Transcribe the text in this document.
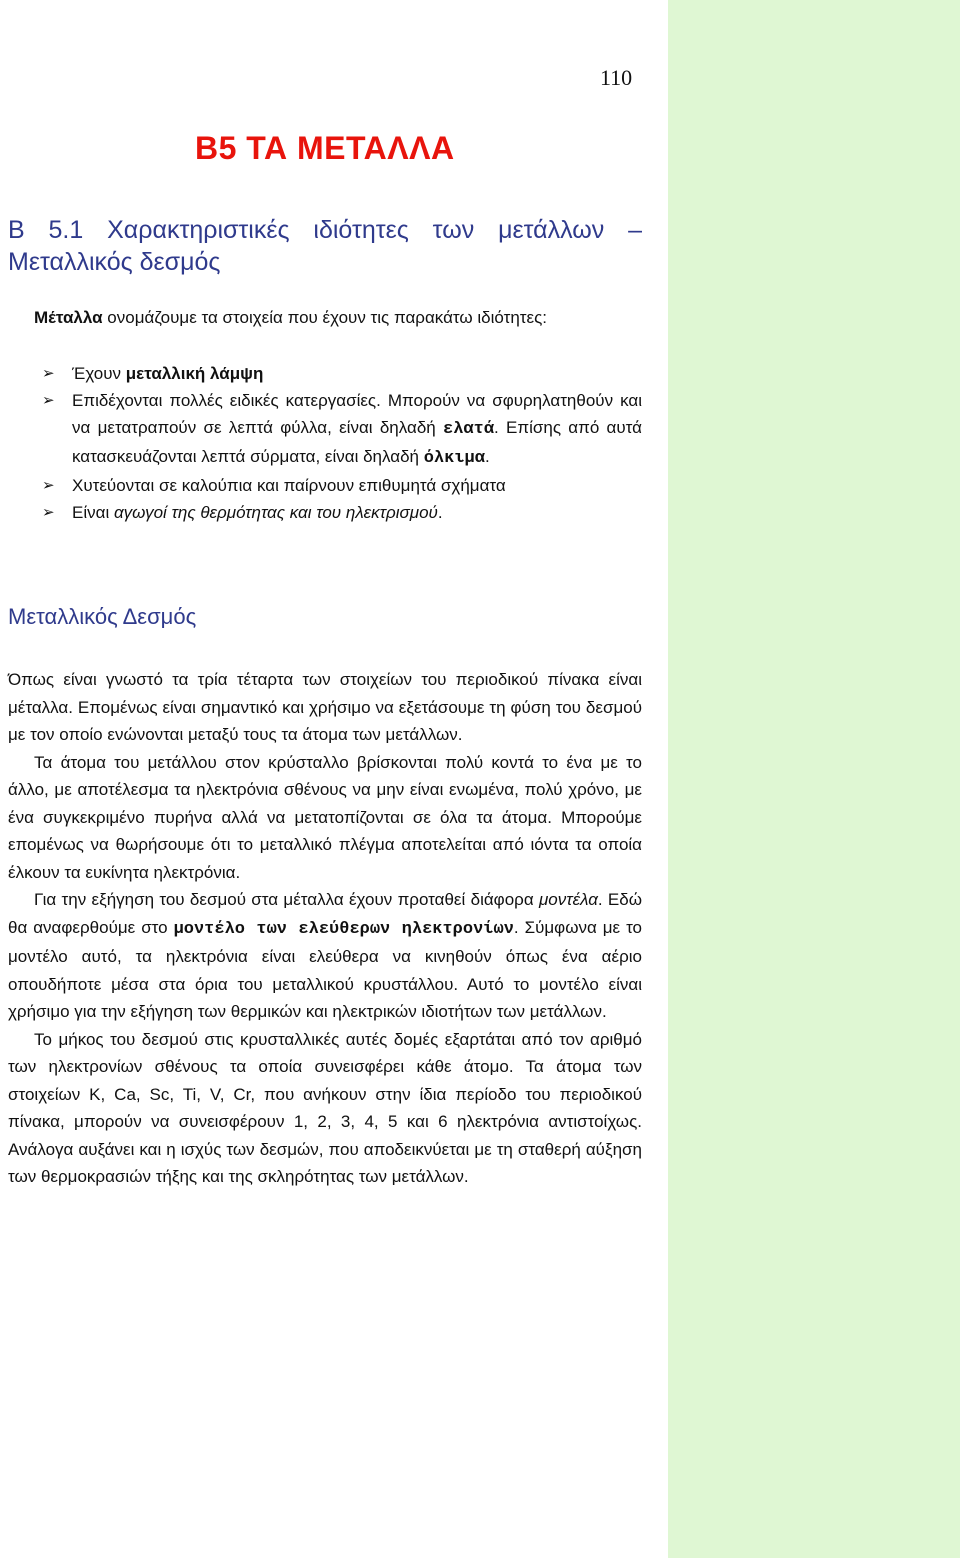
110
Β5 ΤΑ ΜΕΤΑΛΛΑ
Β 5.1 Χαρακτηριστικές ιδιότητες των μετάλλων –
Μεταλλικός δεσμός
Μέταλλα ονομάζουμε τα στοιχεία που έχουν τις παρακάτω ιδιότητες:
➢ Έχουν μεταλλική λάμψη
➢ Επιδέχονται πολλές ειδικές κατεργασίες. Μπορούν να σφυρηλατηθούν και να μετατραπούν σε λεπτά φύλλα, είναι δηλαδή ελατά. Επίσης από αυτά κατασκευάζονται λεπτά σύρματα, είναι δηλαδή όλκιμα.
➢ Χυτεύονται σε καλούπια και παίρνουν επιθυμητά σχήματα
➢ Είναι αγωγοί της θερμότητας και του ηλεκτρισμού.
Μεταλλικός Δεσμός

Όπως είναι γνωστό τα τρία τέταρτα των στοιχείων του περιοδικού πίνακα είναι μέταλλα. Επομένως είναι σημαντικό και χρήσιμο να εξετάσουμε τη φύση του δεσμού με τον οποίο ενώνονται μεταξύ τους τα άτομα των μετάλλων.

Τα άτομα του μετάλλου στον κρύσταλλο βρίσκονται πολύ κοντά το ένα με το άλλο, με αποτέλεσμα τα ηλεκτρόνια σθένους να μην είναι ενωμένα, πολύ χρόνο, με ένα συγκεκριμένο πυρήνα αλλά να μετατοπίζονται σε όλα τα άτομα. Μπορούμε επομένως να θωρήσουμε ότι το μεταλλικό πλέγμα αποτελείται από ιόντα τα οποία έλκουν τα ευκίνητα ηλεκτρόνια.

Για την εξήγηση του δεσμού στα μέταλλα έχουν προταθεί διάφορα μοντέλα. Εδώ θα αναφερθούμε στο μοντέλο των ελεύθερων ηλεκτρονίων. Σύμφωνα με το μοντέλο αυτό, τα ηλεκτρόνια είναι ελεύθερα να κινηθούν όπως ένα αέριο οπουδήποτε μέσα στα όρια του μεταλλικού κρυστάλλου. Αυτό το μοντέλο είναι χρήσιμο για την εξήγηση των θερμικών και ηλεκτρικών ιδιοτήτων των μετάλλων.

Το μήκος του δεσμού στις κρυσταλλικές αυτές δομές εξαρτάται από τον αριθμό των ηλεκτρονίων σθένους τα οποία συνεισφέρει κάθε άτομο. Τα άτομα των στοιχείων K, Ca, Sc, Ti, V, Cr, που ανήκουν στην ίδια περίοδο του περιοδικού πίνακα, μπορούν να συνεισφέρουν 1, 2, 3, 4, 5 και 6 ηλεκτρόνια αντιστοίχως. Ανάλογα αυξάνει και η ισχύς των δεσμών, που αποδεικνύεται με τη σταθερή αύξηση των θερμοκρασιών τήξης και της σκληρότητας των μετάλλων.
